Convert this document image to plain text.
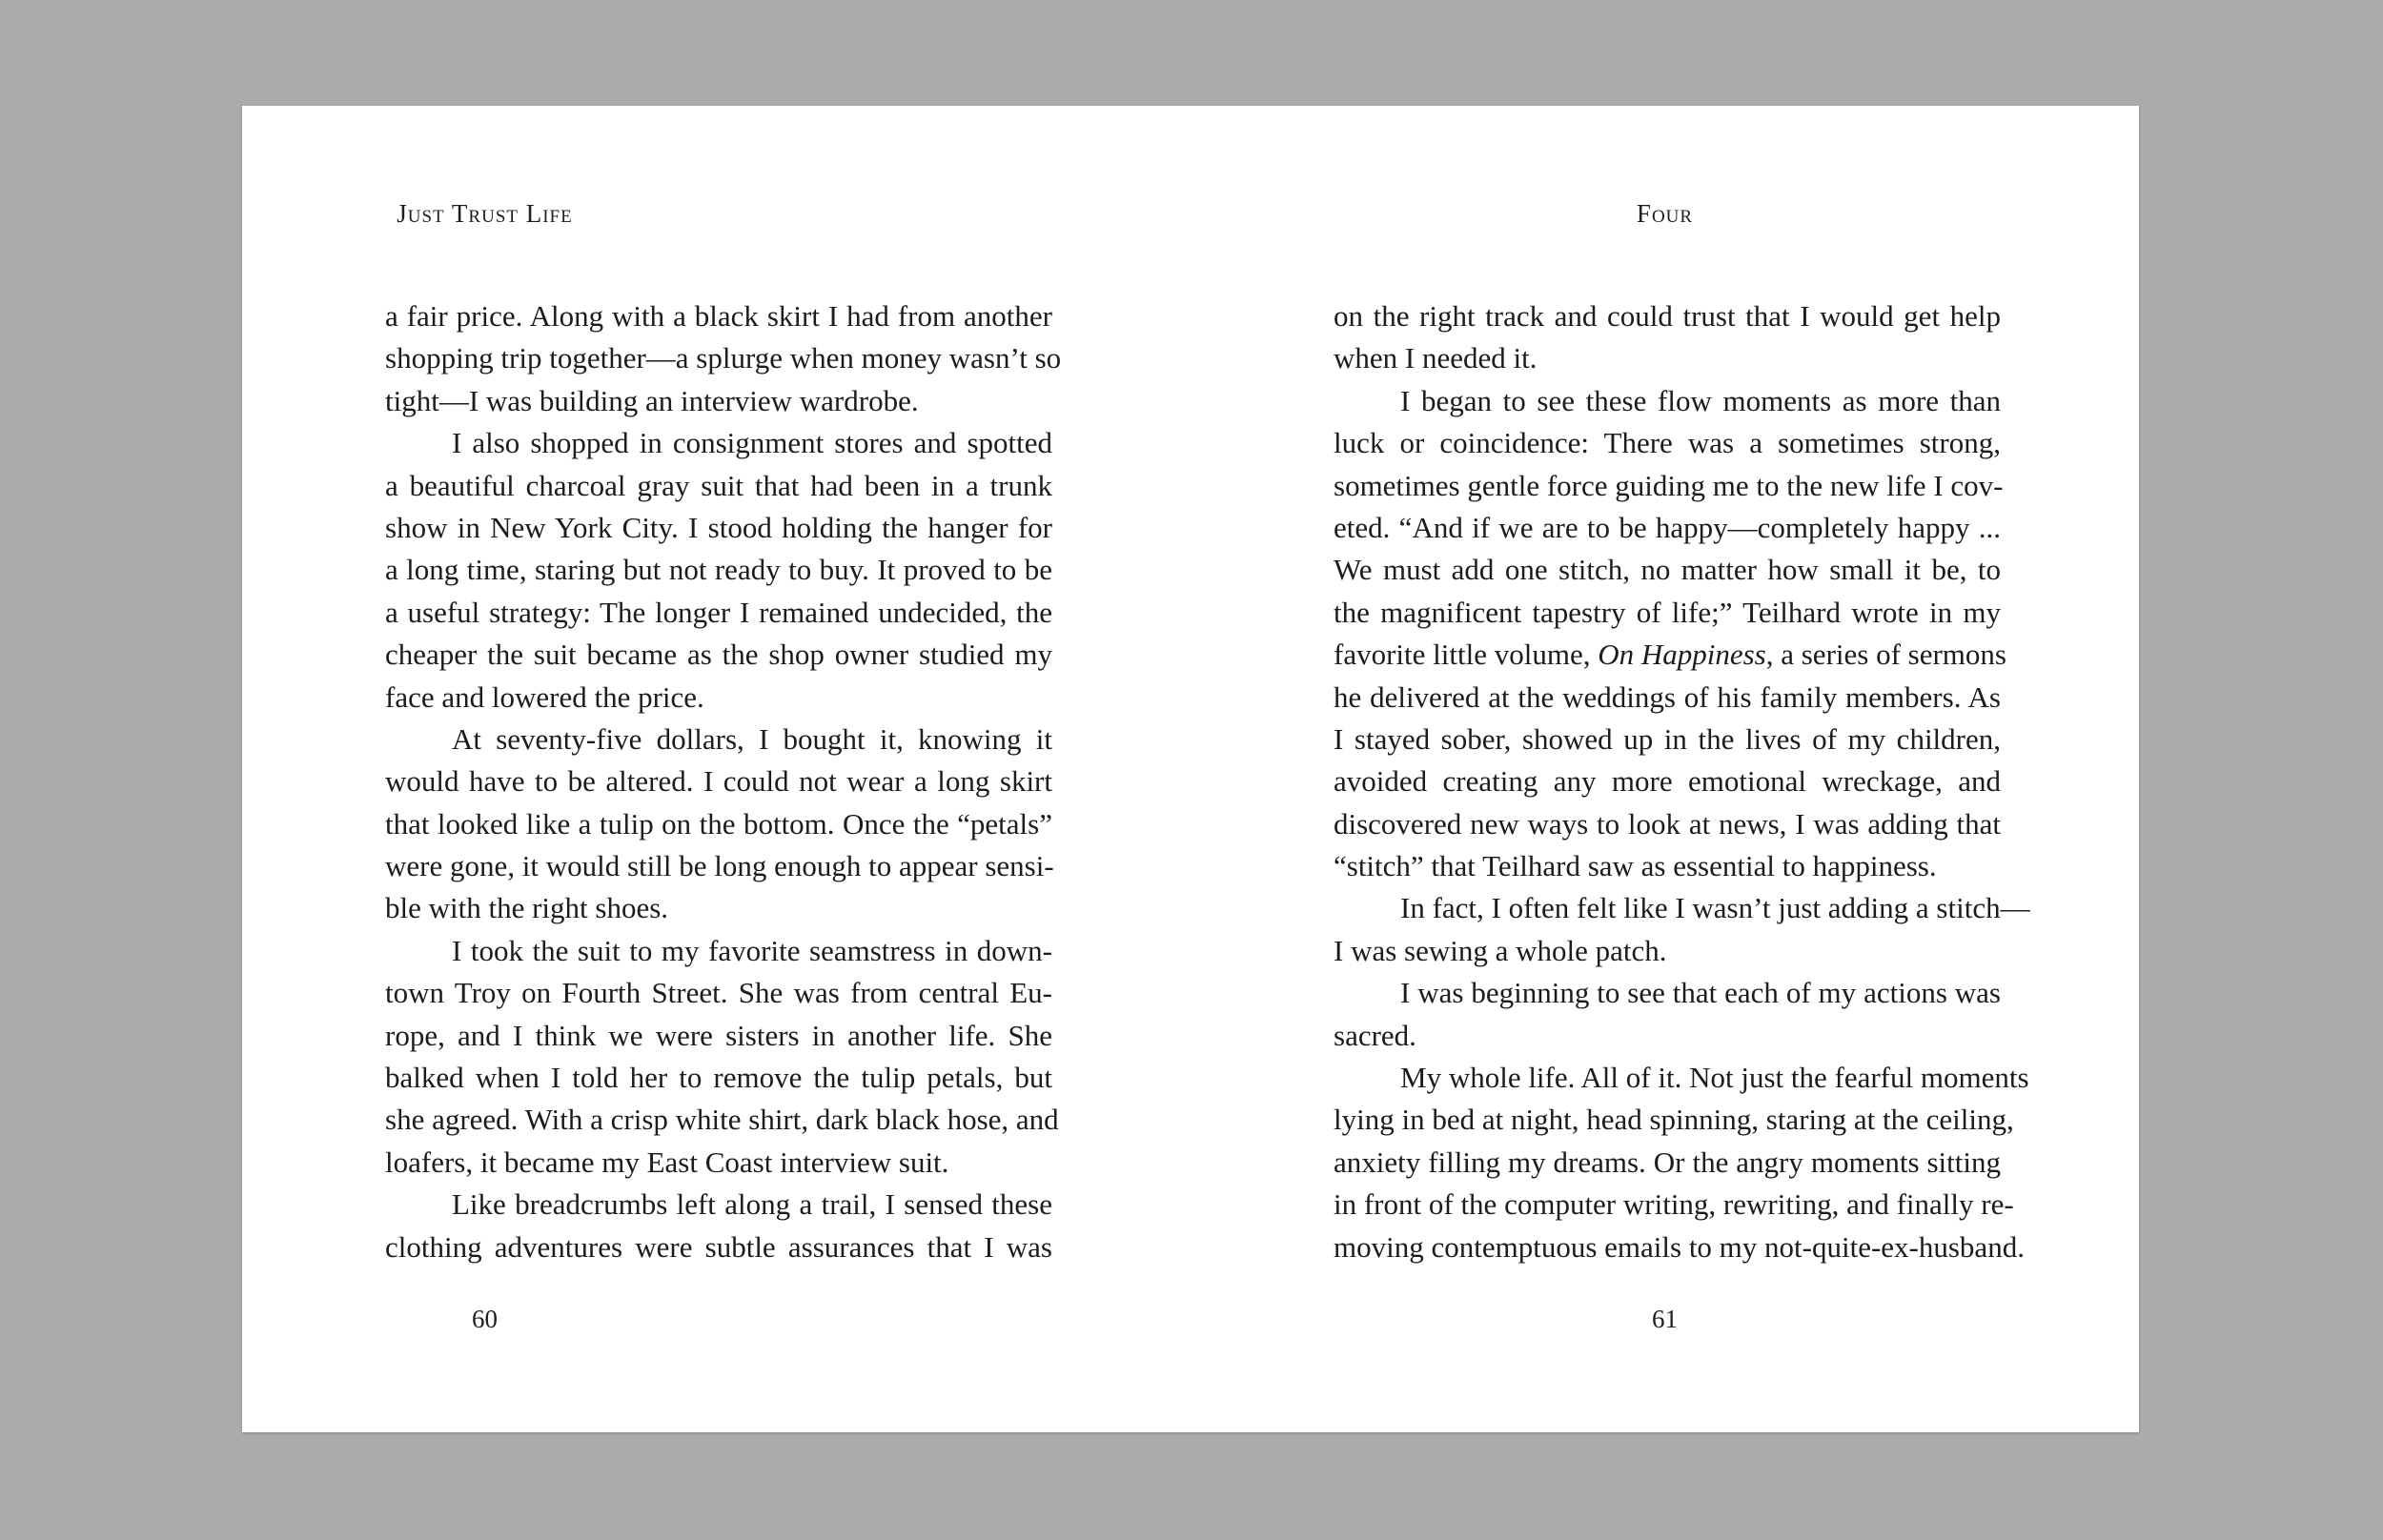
Just Trust Life
a fair price. Along with a black skirt I had from another
shopping trip together—a splurge when money wasn’t so
tight—I was building an interview wardrobe.
I also shopped in consignment stores and spotted
a beautiful charcoal gray suit that had been in a trunk
show in New York City. I stood holding the hanger for
a long time, staring but not ready to buy. It proved to be
a useful strategy: The longer I remained undecided, the
cheaper the suit became as the shop owner studied my
face and lowered the price.
At seventy-five dollars, I bought it, knowing it
would have to be altered. I could not wear a long skirt
that looked like a tulip on the bottom. Once the “petals”
were gone, it would still be long enough to appear sensi-
ble with the right shoes.
I took the suit to my favorite seamstress in down-
town Troy on Fourth Street. She was from central Eu-
rope, and I think we were sisters in another life. She
balked when I told her to remove the tulip petals, but
she agreed. With a crisp white shirt, dark black hose, and
loafers, it became my East Coast interview suit.
Like breadcrumbs left along a trail, I sensed these
clothing adventures were subtle assurances that I was
60
Four
on the right track and could trust that I would get help
when I needed it.
I began to see these flow moments as more than
luck or coincidence: There was a sometimes strong,
sometimes gentle force guiding me to the new life I cov-
eted. “And if we are to be happy—completely happy ...
We must add one stitch, no matter how small it be, to
the magnificent tapestry of life;” Teilhard wrote in my
favorite little volume, On Happiness, a series of sermons
he delivered at the weddings of his family members. As
I stayed sober, showed up in the lives of my children,
avoided creating any more emotional wreckage, and
discovered new ways to look at news, I was adding that
“stitch” that Teilhard saw as essential to happiness.
In fact, I often felt like I wasn’t just adding a stitch—
I was sewing a whole patch.
I was beginning to see that each of my actions was
sacred.
My whole life. All of it. Not just the fearful moments
lying in bed at night, head spinning, staring at the ceiling,
anxiety filling my dreams. Or the angry moments sitting
in front of the computer writing, rewriting, and finally re-
moving contemptuous emails to my not-quite-ex-husband.
61
